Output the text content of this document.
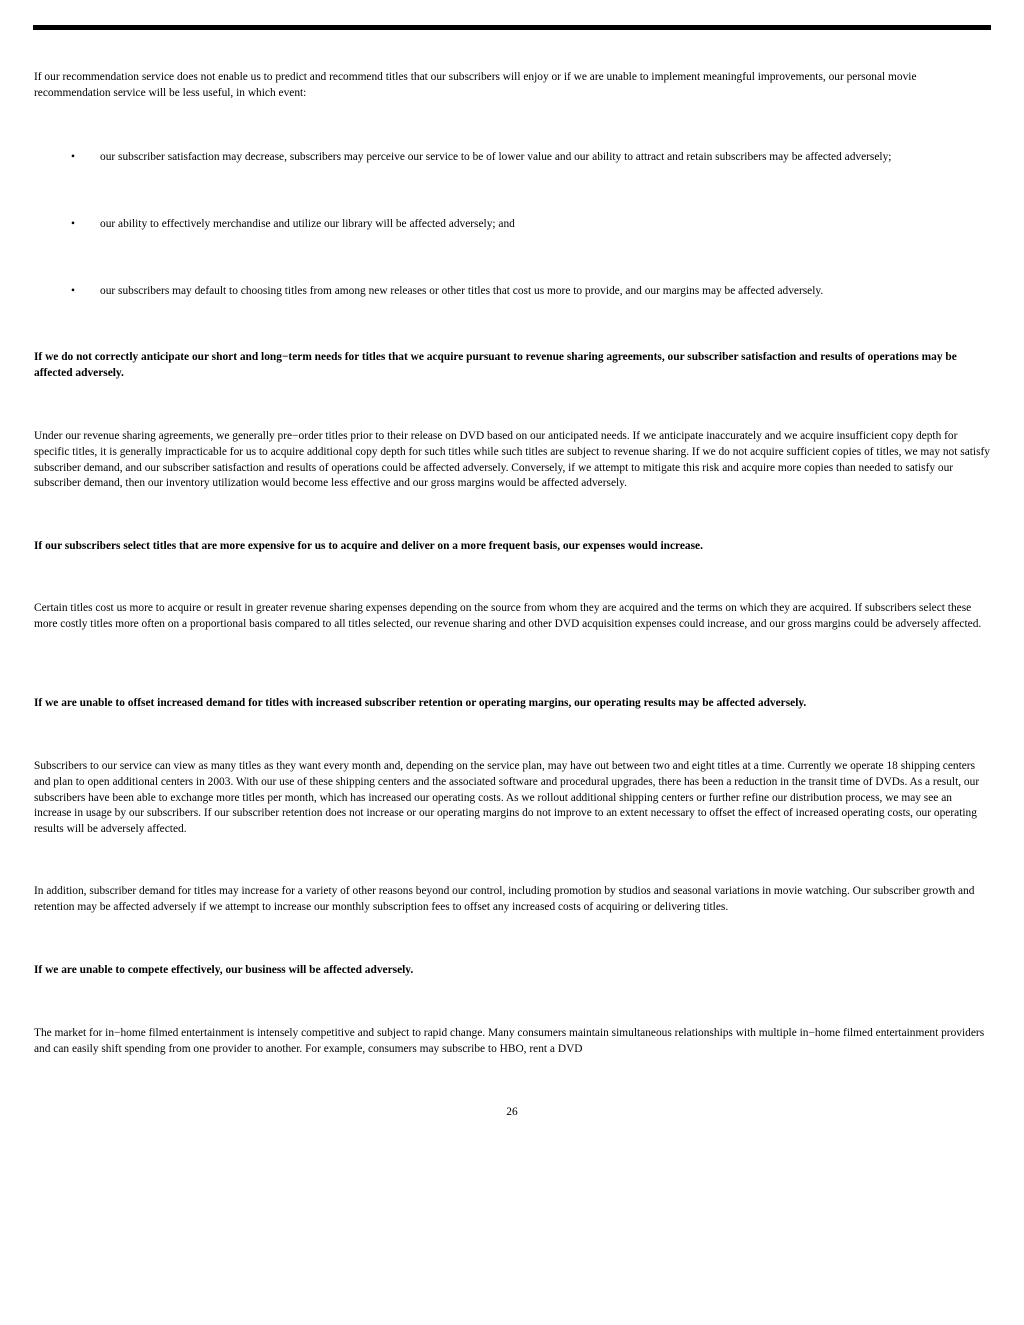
If our recommendation service does not enable us to predict and recommend titles that our subscribers will enjoy or if we are unable to implement meaningful improvements, our personal movie recommendation service will be less useful, in which event:

• our subscriber satisfaction may decrease, subscribers may perceive our service to be of lower value and our ability to attract and retain subscribers may be affected adversely;
• our ability to effectively merchandise and utilize our library will be affected adversely; and
• our subscribers may default to choosing titles from among new releases or other titles that cost us more to provide, and our margins may be affected adversely.

If we do not correctly anticipate our short and long−term needs for titles that we acquire pursuant to revenue sharing agreements, our subscriber satisfaction and results of operations may be affected adversely.

Under our revenue sharing agreements, we generally pre−order titles prior to their release on DVD based on our anticipated needs. If we anticipate inaccurately and we acquire insufficient copy depth for specific titles, it is generally impracticable for us to acquire additional copy depth for such titles while such titles are subject to revenue sharing. If we do not acquire sufficient copies of titles, we may not satisfy subscriber demand, and our subscriber satisfaction and results of operations could be affected adversely. Conversely, if we attempt to mitigate this risk and acquire more copies than needed to satisfy our subscriber demand, then our inventory utilization would become less effective and our gross margins would be affected adversely.

If our subscribers select titles that are more expensive for us to acquire and deliver on a more frequent basis, our expenses would increase.

Certain titles cost us more to acquire or result in greater revenue sharing expenses depending on the source from whom they are acquired and the terms on which they are acquired. If subscribers select these more costly titles more often on a proportional basis compared to all titles selected, our revenue sharing and other DVD acquisition expenses could increase, and our gross margins could be adversely affected.

If we are unable to offset increased demand for titles with increased subscriber retention or operating margins, our operating results may be affected adversely.

Subscribers to our service can view as many titles as they want every month and, depending on the service plan, may have out between two and eight titles at a time. Currently we operate 18 shipping centers and plan to open additional centers in 2003. With our use of these shipping centers and the associated software and procedural upgrades, there has been a reduction in the transit time of DVDs. As a result, our subscribers have been able to exchange more titles per month, which has increased our operating costs. As we rollout additional shipping centers or further refine our distribution process, we may see an increase in usage by our subscribers. If our subscriber retention does not increase or our operating margins do not improve to an extent necessary to offset the effect of increased operating costs, our operating results will be adversely affected.

In addition, subscriber demand for titles may increase for a variety of other reasons beyond our control, including promotion by studios and seasonal variations in movie watching. Our subscriber growth and retention may be affected adversely if we attempt to increase our monthly subscription fees to offset any increased costs of acquiring or delivering titles.

If we are unable to compete effectively, our business will be affected adversely.

The market for in−home filmed entertainment is intensely competitive and subject to rapid change. Many consumers maintain simultaneous relationships with multiple in−home filmed entertainment providers and can easily shift spending from one provider to another. For example, consumers may subscribe to HBO, rent a DVD

26
